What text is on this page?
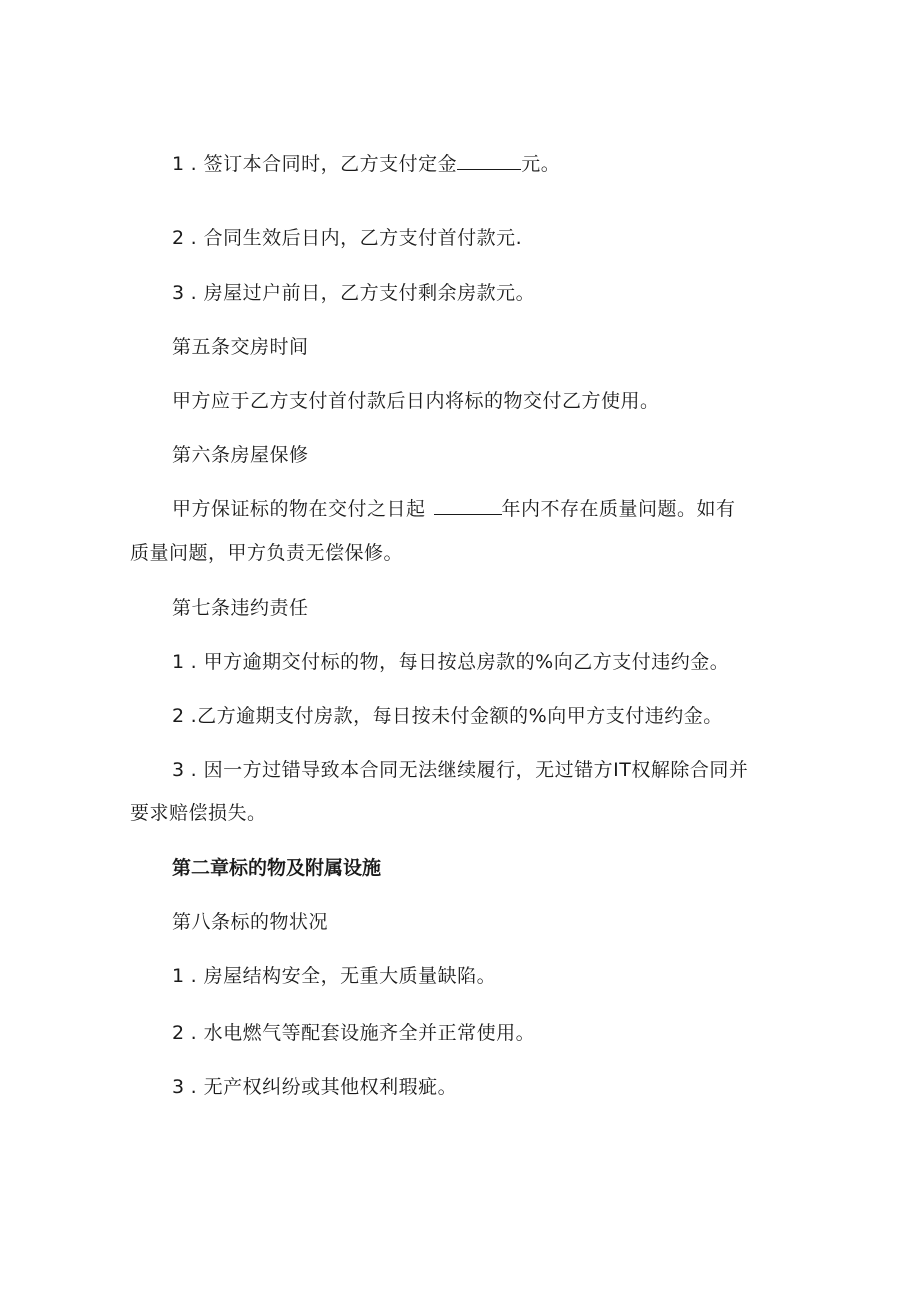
1 . 签订本合同时，乙方支付定金	元。
2 . 合同生效后日内，乙方支付首付款元.
3 . 房屋过户前日，乙方支付剩余房款元。
第五条交房时间
甲方应于乙方支付首付款后日内将标的物交付乙方使用。
第六条房屋保修
甲方保证标的物在交付之日起	年内不存在质量问题。如有
质量问题，甲方负责无偿保修。
第七条违约责任
1 . 甲方逾期交付标的物，每日按总房款的%向乙方支付违约金。
2 .乙方逾期支付房款，每日按未付金额的%向甲方支付违约金。
3 . 因一方过错导致本合同无法继续履行，无过错方IT权解除合同并
要求赔偿损失。
第二章标的物及附属设施
第八条标的物状况
1 . 房屋结构安全，无重大质量缺陷。
2 . 水电燃气等配套设施齐全并正常使用。
3 . 无产权纠纷或其他权利瑕疵。
